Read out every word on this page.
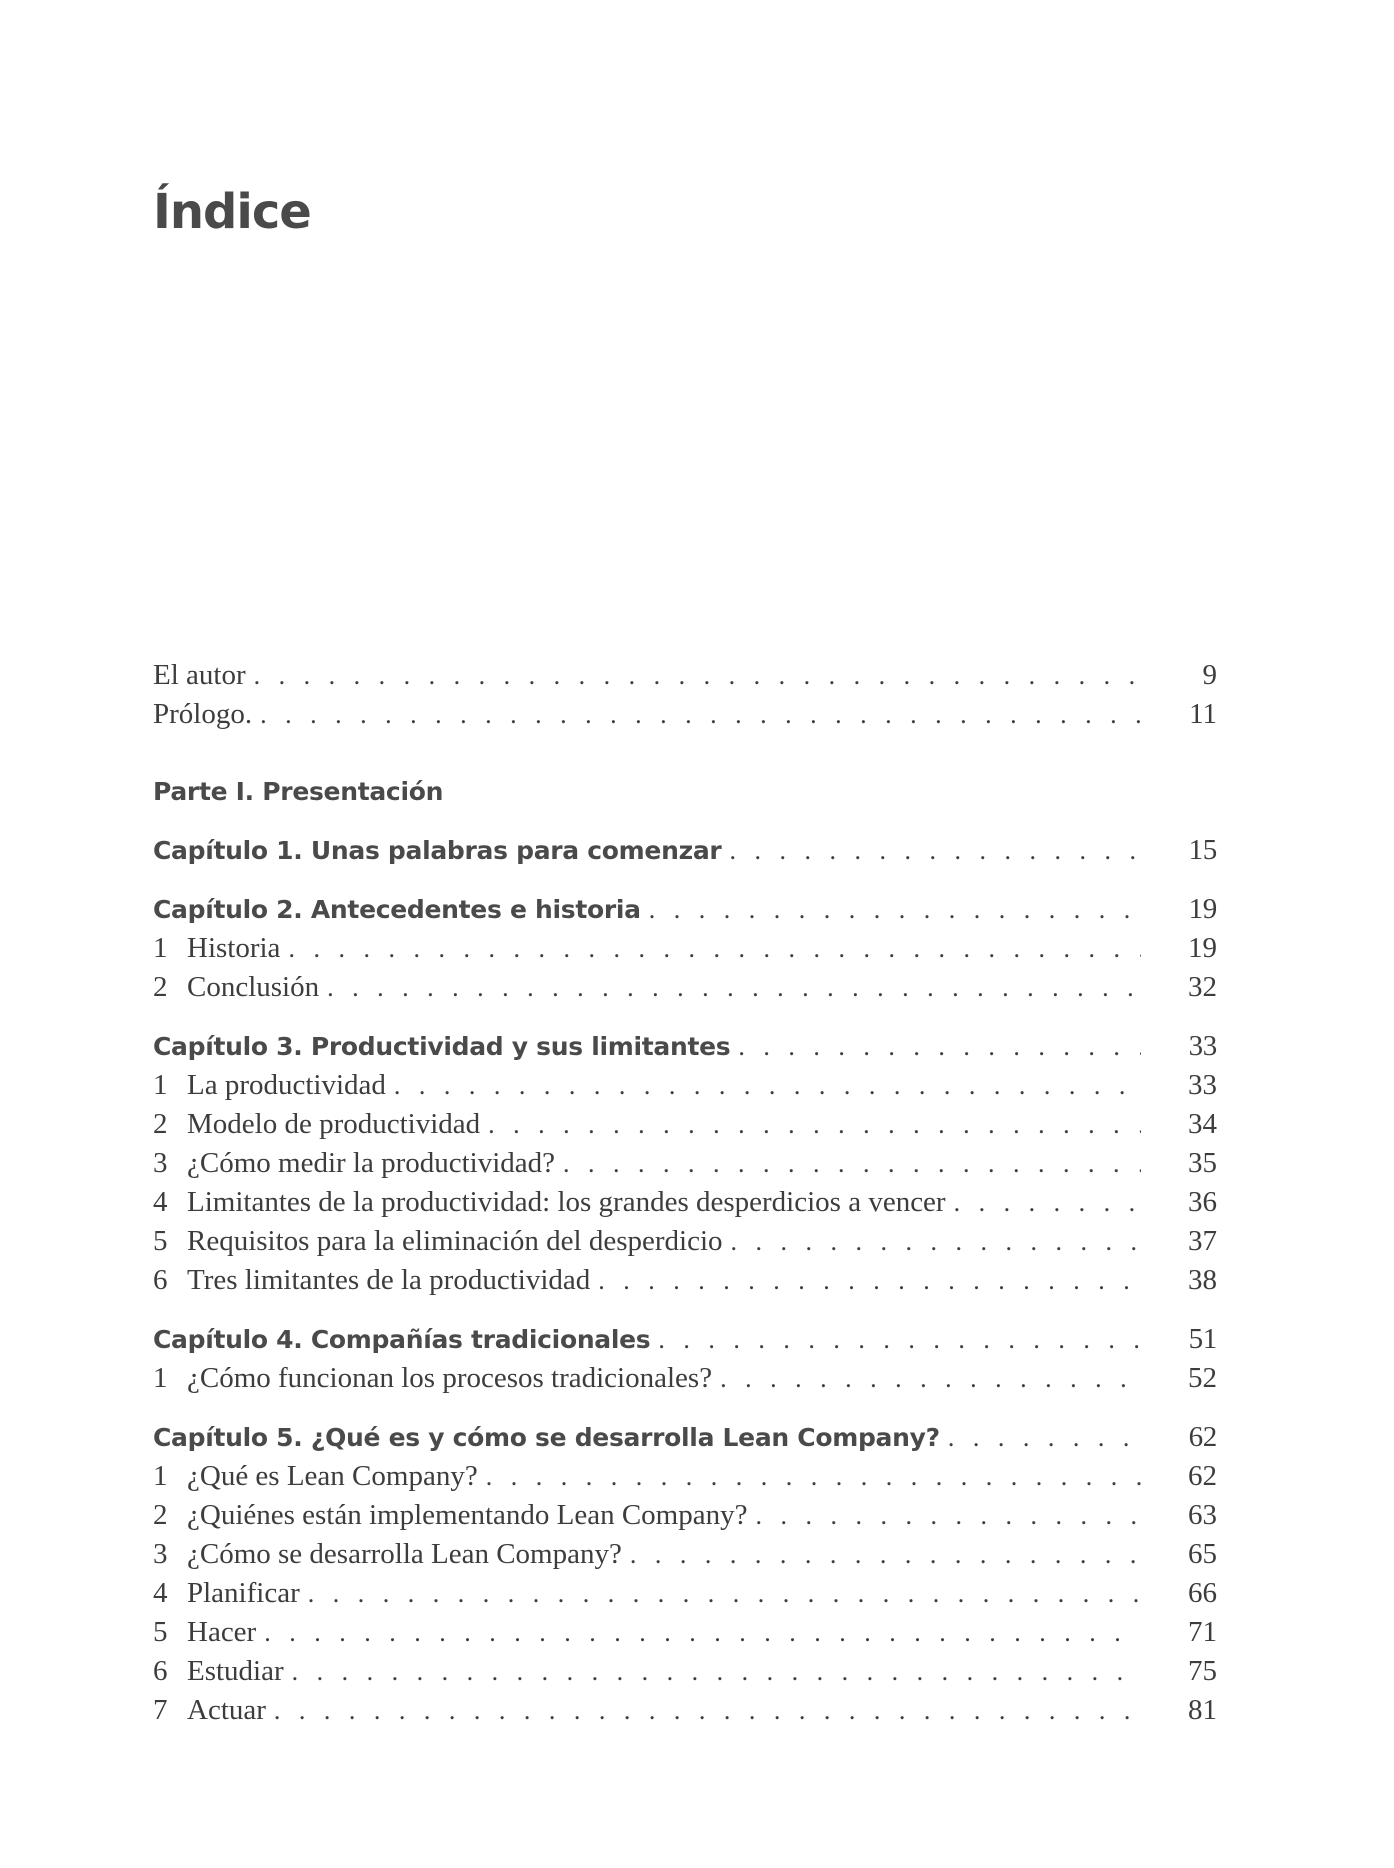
Índice
El autor . . .	9
Prólogo. . . .	11
Parte I. Presentación
Capítulo 1. Unas palabras para comenzar . . .	15
Capítulo 2. Antecedentes e historia . . .	19
1 Historia . . .	19
2 Conclusión . . .	32
Capítulo 3. Productividad y sus limitantes . . .	33
1 La productividad . . .	33
2 Modelo de productividad . . .	34
3 ¿Cómo medir la productividad? . . .	35
4 Limitantes de la productividad: los grandes desperdicios a vencer . . .	36
5 Requisitos para la eliminación del desperdicio . . .	37
6 Tres limitantes de la productividad . . .	38
Capítulo 4. Compañías tradicionales . . .	51
1 ¿Cómo funcionan los procesos tradicionales? . . .	52
Capítulo 5. ¿Qué es y cómo se desarrolla Lean Company? . . .	62
1 ¿Qué es Lean Company? . . .	62
2 ¿Quiénes están implementando Lean Company? . . .	63
3 ¿Cómo se desarrolla Lean Company? . . .	65
4 Planificar . . .	66
5 Hacer . . .	71
6 Estudiar . . .	75
7 Actuar . . .	81
